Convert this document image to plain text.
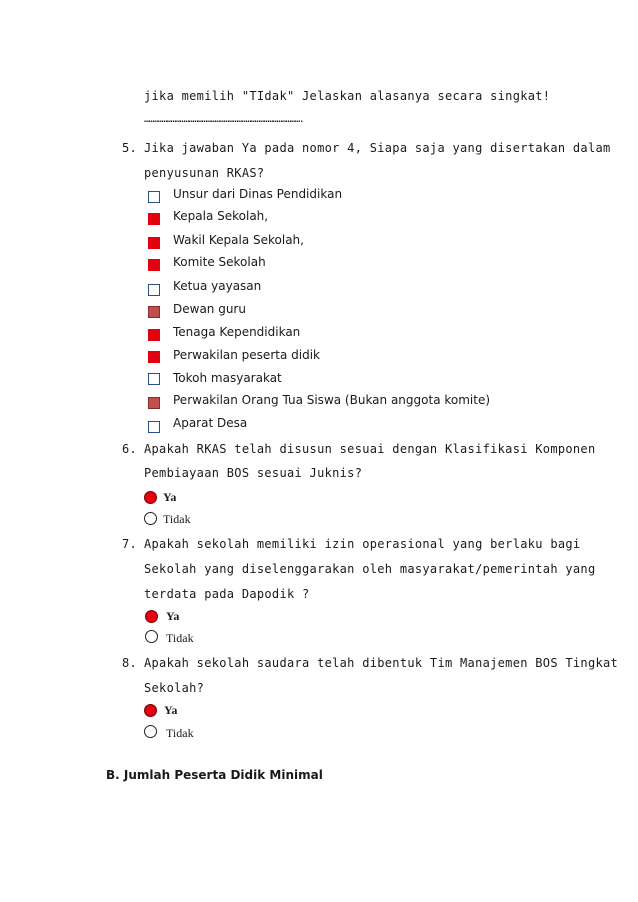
jika memilih "TIdak" Jelaskan alasanya secara singkat!
…………………………………………………………………………………………….
5. Jika jawaban Ya pada nomor 4, Siapa saja yang disertakan dalam
penyusunan RKAS?
Unsur dari Dinas Pendidikan
Kepala Sekolah,
Wakil Kepala Sekolah,
Komite Sekolah
Ketua yayasan
Dewan guru
Tenaga Kependidikan
Perwakilan peserta didik
Tokoh masyarakat
Perwakilan Orang Tua Siswa (Bukan anggota komite)
Aparat Desa
6. Apakah RKAS telah disusun sesuai dengan Klasifikasi Komponen
Pembiayaan BOS sesuai Juknis?
Ya
Tidak
7. Apakah sekolah memiliki izin operasional yang berlaku bagi
Sekolah yang diselenggarakan oleh masyarakat/pemerintah yang
terdata pada Dapodik ?
Ya
Tidak
8. Apakah sekolah saudara telah dibentuk Tim Manajemen BOS Tingkat
Sekolah?
Ya
Tidak
B. Jumlah Peserta Didik Minimal
